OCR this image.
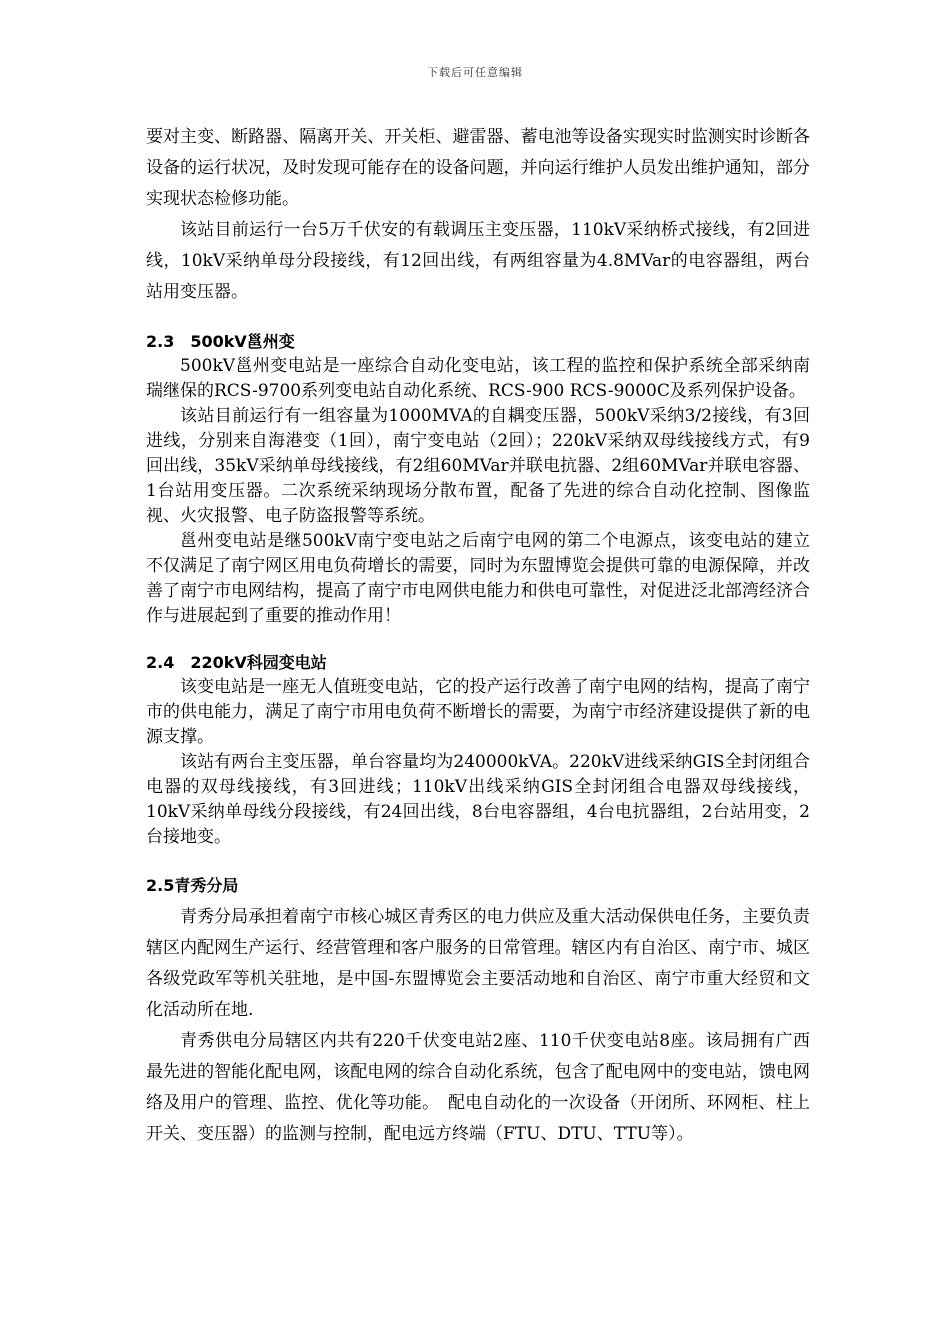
下载后可任意编辑

要对主变、断路器、隔离开关、开关柜、避雷器、蓄电池等设备实现实时监测实时诊断各设备的运行状况，及时发现可能存在的设备问题，并向运行维护人员发出维护通知，部分实现状态检修功能。

该站目前运行一台5万千伏安的有载调压主变压器，110kV采纳桥式接线，有2回进线，10kV采纳单母分段接线，有12回出线，有两组容量为4.8MVar的电容器组，两台站用变压器。

2.3　500kV邕州变

500kV邕州变电站是一座综合自动化变电站，该工程的监控和保护系统全部采纳南瑞继保的RCS-9700系列变电站自动化系统、RCS-900 RCS-9000C及系列保护设备。

该站目前运行有一组容量为1000MVA的自耦变压器，500kV采纳3/2接线，有3回进线，分别来自海港变（1回），南宁变电站（2回）；220kV采纳双母线接线方式，有9回出线，35kV采纳单母线接线，有2组60MVar并联电抗器、2组60MVar并联电容器、1台站用变压器。二次系统采纳现场分散布置，配备了先进的综合自动化控制、图像监视、火灾报警、电子防盗报警等系统。

邕州变电站是继500kV南宁变电站之后南宁电网的第二个电源点，该变电站的建立不仅满足了南宁网区用电负荷增长的需要，同时为东盟博览会提供可靠的电源保障，并改善了南宁市电网结构，提高了南宁市电网供电能力和供电可靠性，对促进泛北部湾经济合作与进展起到了重要的推动作用！

2.4　220kV科园变电站

该变电站是一座无人值班变电站，它的投产运行改善了南宁电网的结构，提高了南宁市的供电能力，满足了南宁市用电负荷不断增长的需要，为南宁市经济建设提供了新的电源支撑。

该站有两台主变压器，单台容量均为240000kVA。220kV进线采纳GIS全封闭组合电器的双母线接线，有3回进线；110kV出线采纳GIS全封闭组合电器双母线接线，10kV采纳单母线分段接线，有24回出线，8台电容器组，4台电抗器组，2台站用变，2台接地变。

2.5青秀分局

青秀分局承担着南宁市核心城区青秀区的电力供应及重大活动保供电任务，主要负责辖区内配网生产运行、经营管理和客户服务的日常管理。辖区内有自治区、南宁市、城区各级党政军等机关驻地，是中国-东盟博览会主要活动地和自治区、南宁市重大经贸和文化活动所在地.

青秀供电分局辖区内共有220千伏变电站2座、110千伏变电站8座。该局拥有广西最先进的智能化配电网，该配电网的综合自动化系统，包含了配电网中的变电站，馈电网络及用户的管理、监控、优化等功能。　配电自动化的一次设备（开闭所、环网柜、柱上开关、变压器）的监测与控制，配电远方终端（FTU、DTU、TTU等）。
